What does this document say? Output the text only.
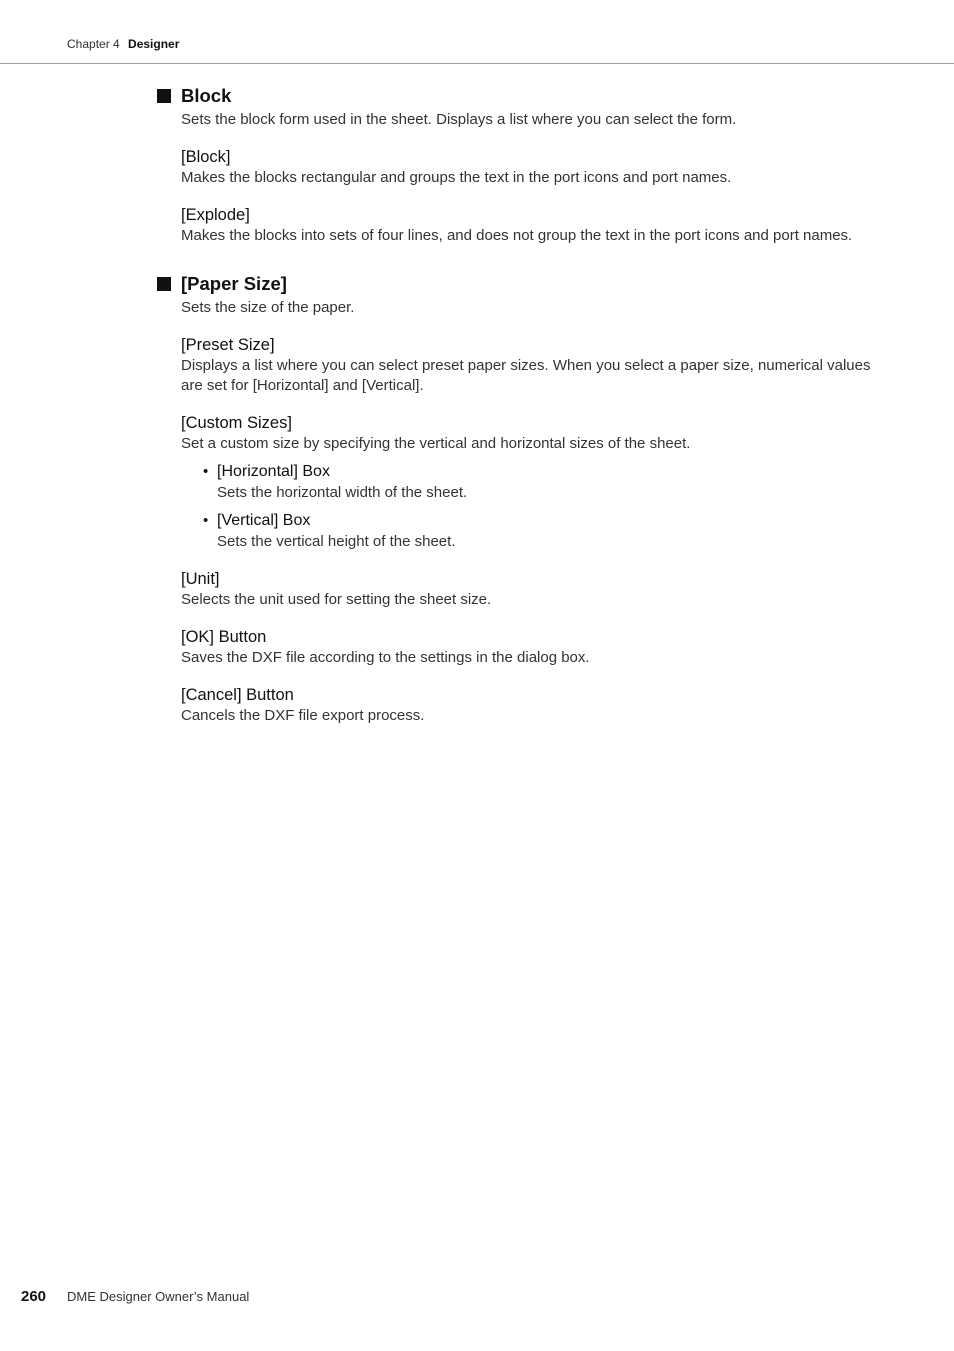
Chapter 4 Designer
Block
Sets the block form used in the sheet. Displays a list where you can select the form.
[Block]
Makes the blocks rectangular and groups the text in the port icons and port names.
[Explode]
Makes the blocks into sets of four lines, and does not group the text in the port icons and port names.
[Paper Size]
Sets the size of the paper.
[Preset Size]
Displays a list where you can select preset paper sizes. When you select a paper size, numerical values are set for [Horizontal] and [Vertical].
[Custom Sizes]
Set a custom size by specifying the vertical and horizontal sizes of the sheet.
• [Horizontal] Box
Sets the horizontal width of the sheet.
• [Vertical] Box
Sets the vertical height of the sheet.
[Unit]
Selects the unit used for setting the sheet size.
[OK] Button
Saves the DXF file according to the settings in the dialog box.
[Cancel] Button
Cancels the DXF file export process.
260	DME Designer Owner’s Manual
